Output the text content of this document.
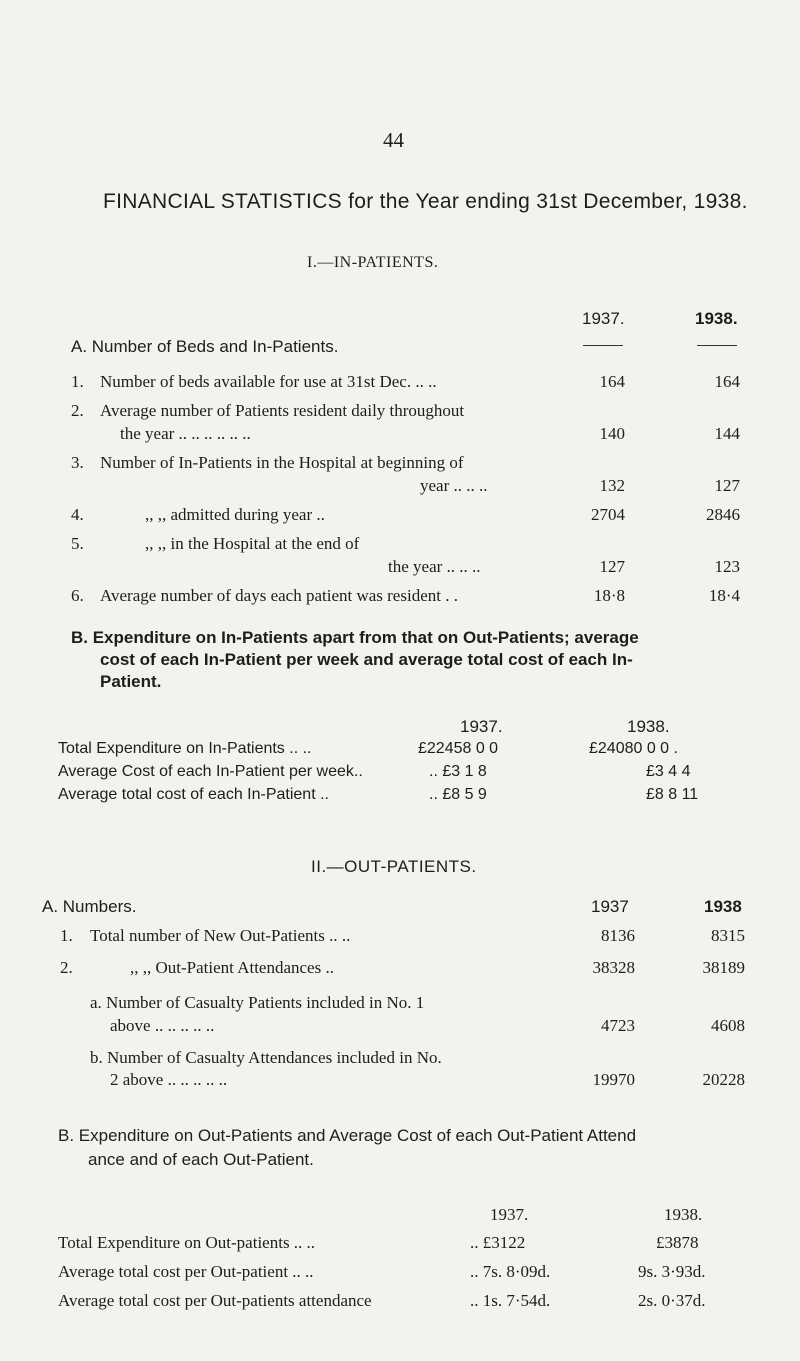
44
FINANCIAL STATISTICS for the Year ending 31st December, 1938.
I.—IN-PATIENTS.
1937.	1938.
A. Number of Beds and In-Patients.
1. Number of beds available for use at 31st Dec. .. ..	164	164
2. Average number of Patients resident daily throughout
the year .. .. .. .. .. ..	140	144
3. Number of In-Patients in the Hospital at beginning of
year .. .. ..	132	127
4.	,, ,, admitted during year ..	2704	2846
5.	,, ,, in the Hospital at the end of
the year .. .. ..	127	123
6. Average number of days each patient was resident . .	18·8	18·4
B. Expenditure on In-Patients apart from that on Out-Patients; average
cost of each In-Patient per week and average total cost of each In-
Patient.
1937.	1938.
Total Expenditure on In-Patients .. ..	£22458 0 0	£24080 0 0 .
Average Cost of each In-Patient per week..	.. £3 1 8	£3 4 4
Average total cost of each In-Patient ..	.. £8 5 9	£8 8 11
II.—OUT-PATIENTS.
A. Numbers.	1937	1938
1. Total number of New Out-Patients .. ..	8136	8315
2.	,, ,, Out-Patient Attendances ..	38328	38189
a. Number of Casualty Patients included in No. 1
above .. .. .. .. ..	4723	4608
b. Number of Casualty Attendances included in No.
2 above .. .. .. .. ..	19970	20228
B. Expenditure on Out-Patients and Average Cost of each Out-Patient Attend
ance and of each Out-Patient.
1937.	1938.
Total Expenditure on Out-patients .. ..	.. £3122	£3878
Average total cost per Out-patient .. ..	.. 7s. 8·09d.	9s. 3·93d.
Average total cost per Out-patients attendance	.. 1s. 7·54d.	2s. 0·37d.
